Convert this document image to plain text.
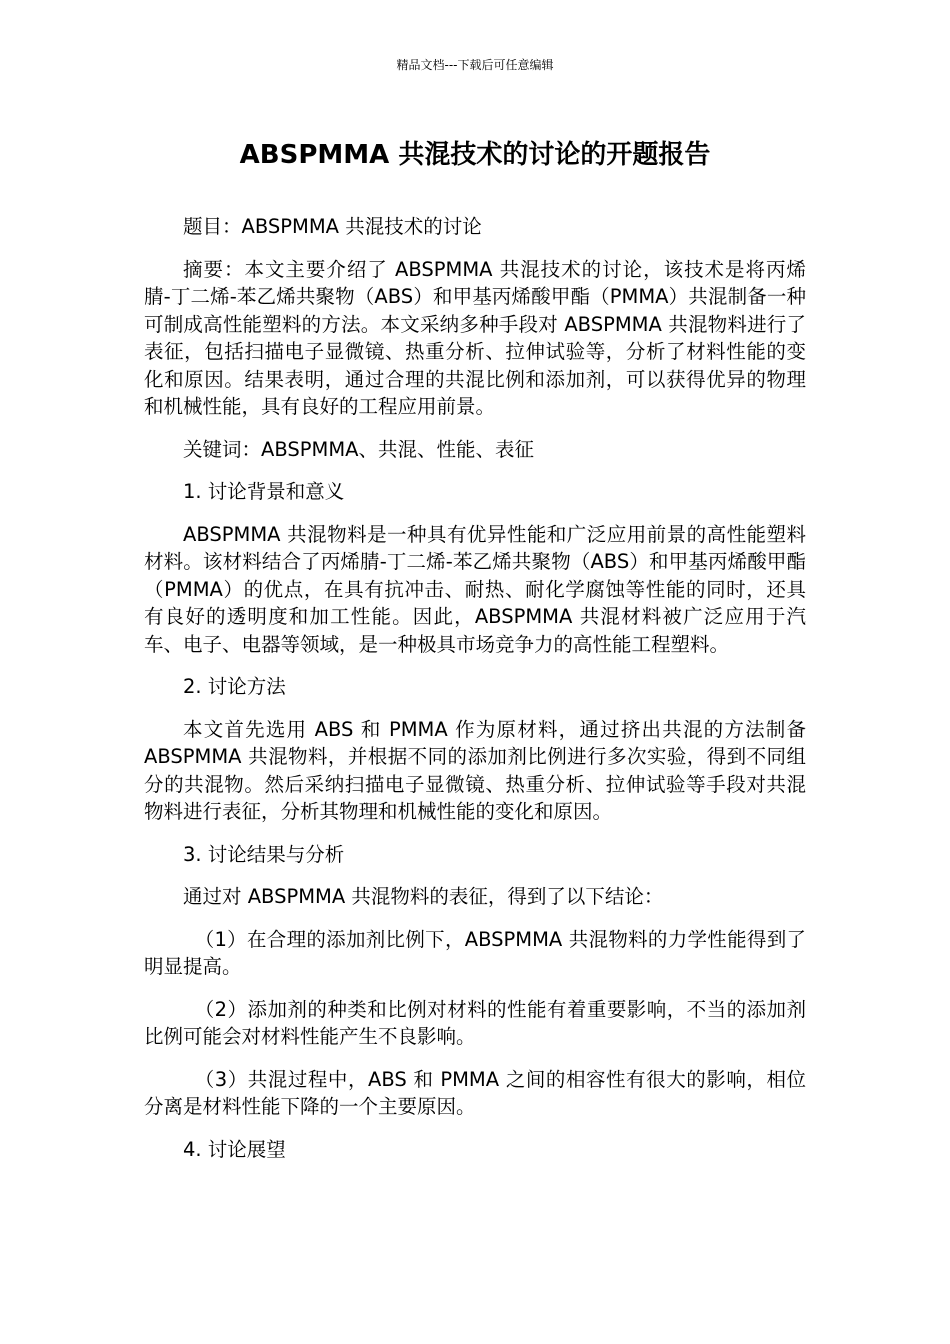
精品文档---下载后可任意编辑
ABSPMMA 共混技术的讨论的开题报告

题目：ABSPMMA 共混技术的讨论

摘要：本文主要介绍了 ABSPMMA 共混技术的讨论，该技术是将丙烯腈-丁二烯-苯乙烯共聚物（ABS）和甲基丙烯酸甲酯（PMMA）共混制备一种可制成高性能塑料的方法。本文采纳多种手段对 ABSPMMA 共混物料进行了表征，包括扫描电子显微镜、热重分析、拉伸试验等，分析了材料性能的变化和原因。结果表明，通过合理的共混比例和添加剂，可以获得优异的物理和机械性能，具有良好的工程应用前景。

关键词：ABSPMMA、共混、性能、表征

1. 讨论背景和意义

ABSPMMA 共混物料是一种具有优异性能和广泛应用前景的高性能塑料材料。该材料结合了丙烯腈-丁二烯-苯乙烯共聚物（ABS）和甲基丙烯酸甲酯（PMMA）的优点，在具有抗冲击、耐热、耐化学腐蚀等性能的同时，还具有良好的透明度和加工性能。因此，ABSPMMA 共混材料被广泛应用于汽车、电子、电器等领域，是一种极具市场竞争力的高性能工程塑料。

2. 讨论方法

本文首先选用 ABS 和 PMMA 作为原材料，通过挤出共混的方法制备 ABSPMMA 共混物料，并根据不同的添加剂比例进行多次实验，得到不同组分的共混物。然后采纳扫描电子显微镜、热重分析、拉伸试验等手段对共混物料进行表征，分析其物理和机械性能的变化和原因。

3. 讨论结果与分析

通过对 ABSPMMA 共混物料的表征，得到了以下结论：

（1）在合理的添加剂比例下，ABSPMMA 共混物料的力学性能得到了明显提高。

（2）添加剂的种类和比例对材料的性能有着重要影响，不当的添加剂比例可能会对材料性能产生不良影响。

（3）共混过程中，ABS 和 PMMA 之间的相容性有很大的影响，相位分离是材料性能下降的一个主要原因。

4. 讨论展望
